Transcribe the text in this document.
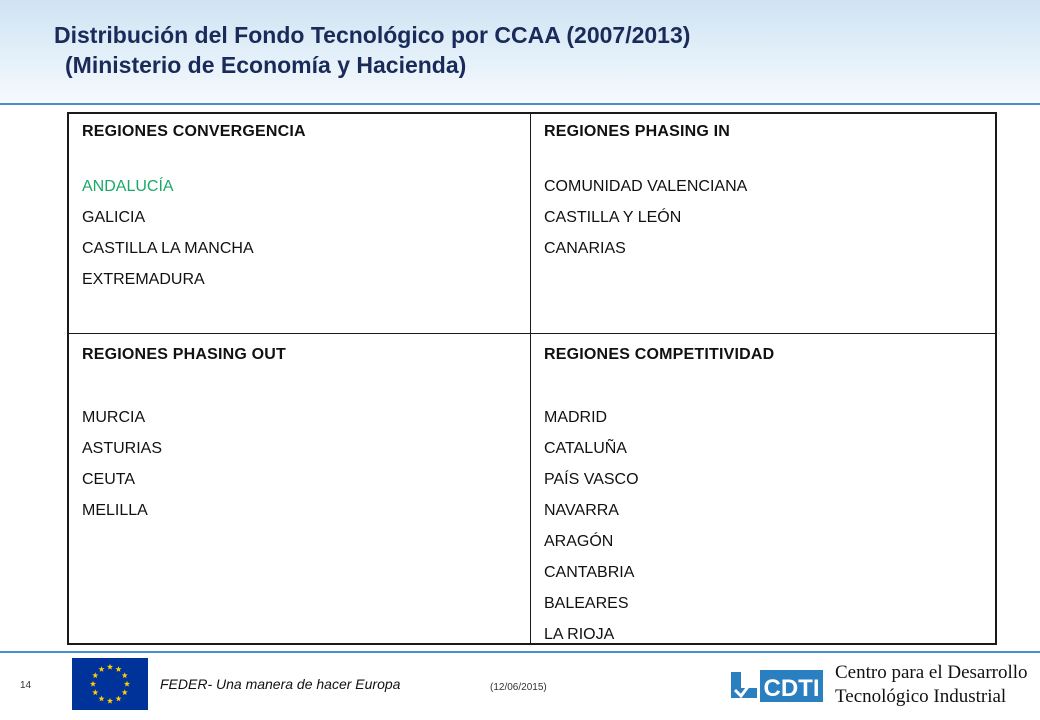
Distribución del Fondo Tecnológico por CCAA (2007/2013)
(Ministerio de Economía y Hacienda)
REGIONES CONVERGENCIA
ANDALUCÍA
GALICIA
CASTILLA LA MANCHA
EXTREMADURA
REGIONES PHASING IN
COMUNIDAD VALENCIANA
CASTILLA Y LEÓN
CANARIAS
REGIONES PHASING OUT
MURCIA
ASTURIAS
CEUTA
MELILLA
REGIONES COMPETITIVIDAD
MADRID
CATALUÑA
PAÍS VASCO
NAVARRA
ARAGÓN
CANTABRIA
BALEARES
LA RIOJA
14	FEDER- Una manera de hacer Europa	(12/06/2015)	CDTI
Centro para el Desarrollo
Tecnológico Industrial
